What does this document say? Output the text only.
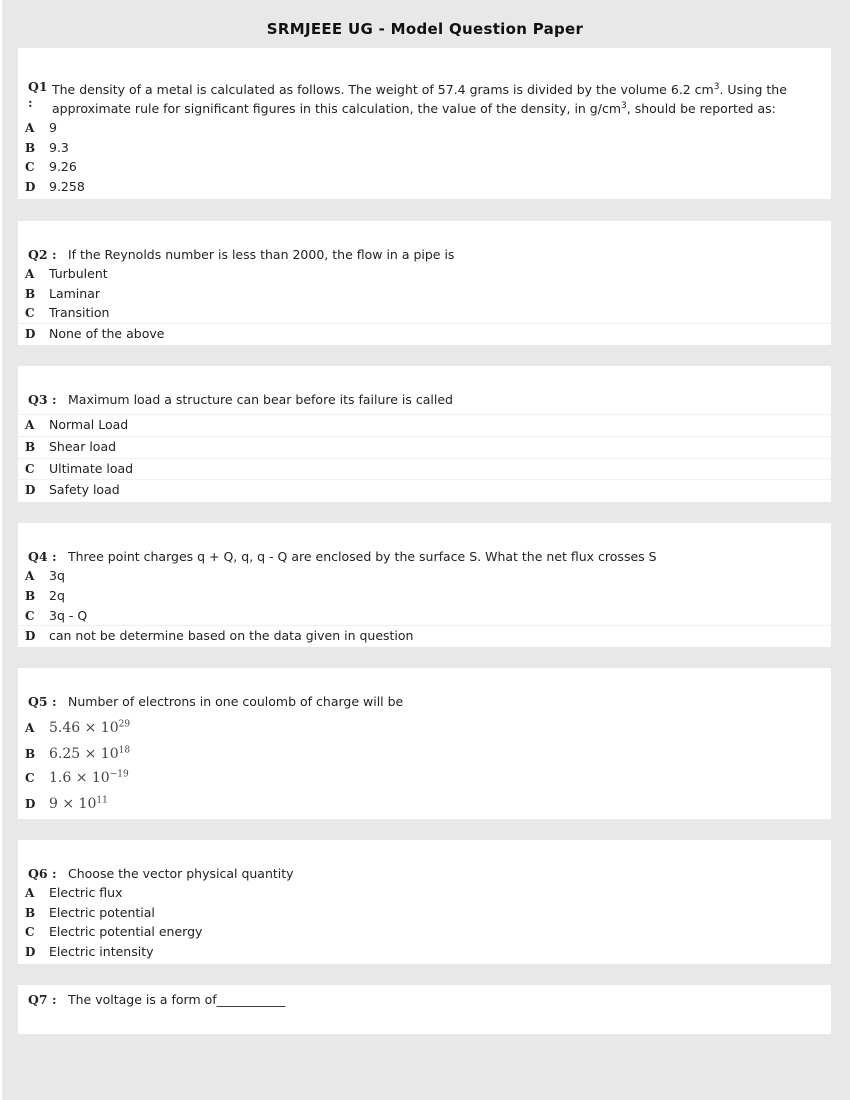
SRMJEEE UG - Model Question Paper
Q1 :
The density of a metal is calculated as follows. The weight of 57.4 grams is divided by the volume 6.2 $cm^3$. Using the
approximate rule for significant figures in this calculation, the value of the density, in $g/cm^3$, should be reported as:
A	9
B	9.3
C	9.26
D 9.258
Q2 : If the Reynolds number is less than 2000, the flow in a pipe is
A	Turbulent
B	Laminar
C	Transition
D None of the above
Q3 : Maximum load a structure can bear before its failure is called
A	Normal Load
B	Shear load
C	Ultimate load
D Safety load
Q4 : Three point charges q + Q, q, q - Q are enclosed by the surface S. What the net flux crosses S
A	3q
B	2q
C	3q - Q
D can not be determine based on the data given in question
Q5 : Number of electrons in one coulomb of charge will be
A	$5.46 \times 10^{29}$
B $6.25 \times 10^{18}$
C	$1.6 \times 10^{-19}$
D $9 \times 10^{11}$
Q6 : Choose the vector physical quantity
A	Electric flux
B	Electric potential
C	Electric potential energy
D Electric intensity
Q7 : The voltage is a form of___________
